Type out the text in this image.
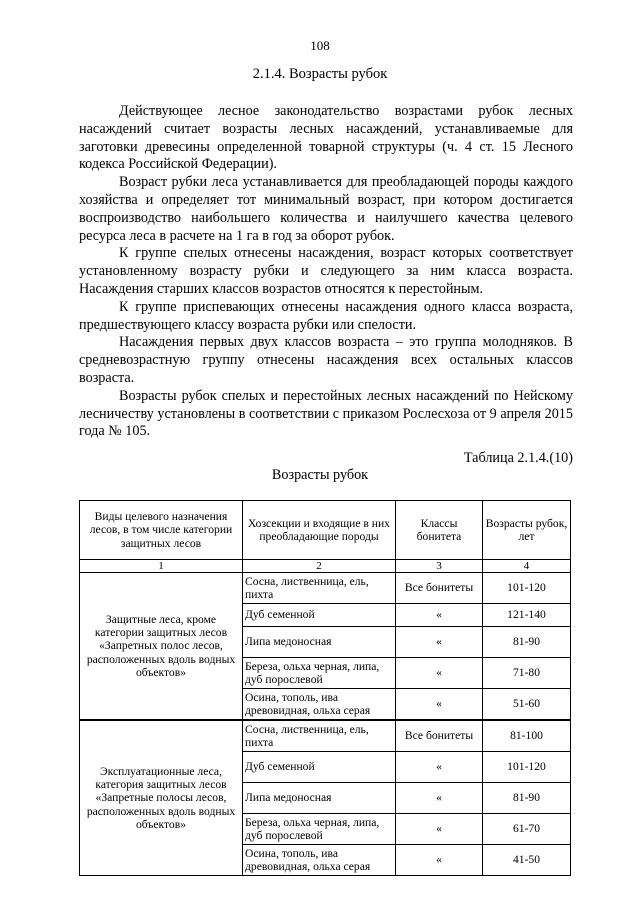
108
2.1.4. Возрасты рубок

Действующее лесное законодательство возрастами рубок лесных насаждений считает возрасты лесных насаждений, устанавливаемые для заготовки древесины определенной товарной структуры (ч. 4 ст. 15 Лесного кодекса Российской Федерации).

Возраст рубки леса устанавливается для преобладающей породы каждого хозяйства и определяет тот минимальный возраст, при котором достигается воспроизводство наибольшего количества и наилучшего качества целевого ресурса леса в расчете на 1 га в год за оборот рубок.

К группе спелых отнесены насаждения, возраст которых соответствует установленному возрасту рубки и следующего за ним класса возраста. Насаждения старших классов возрастов относятся к перестойным.

К группе приспевающих отнесены насаждения одного класса возраста, предшествующего классу возраста рубки или спелости.

Насаждения первых двух классов возраста – это группа молодняков. В средневозрастную группу отнесены насаждения всех остальных классов возраста.

Возрасты рубок спелых и перестойных лесных насаждений по Нейскому лесничеству установлены в соответствии с приказом Рослесхоза от 9 апреля 2015 года № 105.

Таблица 2.1.4.(10)
Возрасты рубок
Виды целевого назначения лесов, в том числе категории защитных лесов	Хозсекции и входящие в них преобладающие породы	Классы бонитета	Возрасты рубок, лет
1	2	3	4
Защитные леса, кроме категории защитных лесов «Запретных полос лесов, расположенных вдоль водных объектов»	Сосна, лиственница, ель, пихта	Все бонитеты	101-120
	Дуб семенной	«	121-140
	Липа медоносная	«	81-90
	Береза, ольха черная, липа, дуб порослевой	«	71-80
	Осина, тополь, ива древовидная, ольха серая	«	51-60
Эксплуатационные леса, категория защитных лесов «Запретные полосы лесов, расположенных вдоль водных объектов»	Сосна, лиственница, ель, пихта	Все бонитеты	81-100
	Дуб семенной	«	101-120
	Липа медоносная	«	81-90
	Береза, ольха черная, липа, дуб порослевой	«	61-70
	Осина, тополь, ива древовидная, ольха серая	«	41-50
